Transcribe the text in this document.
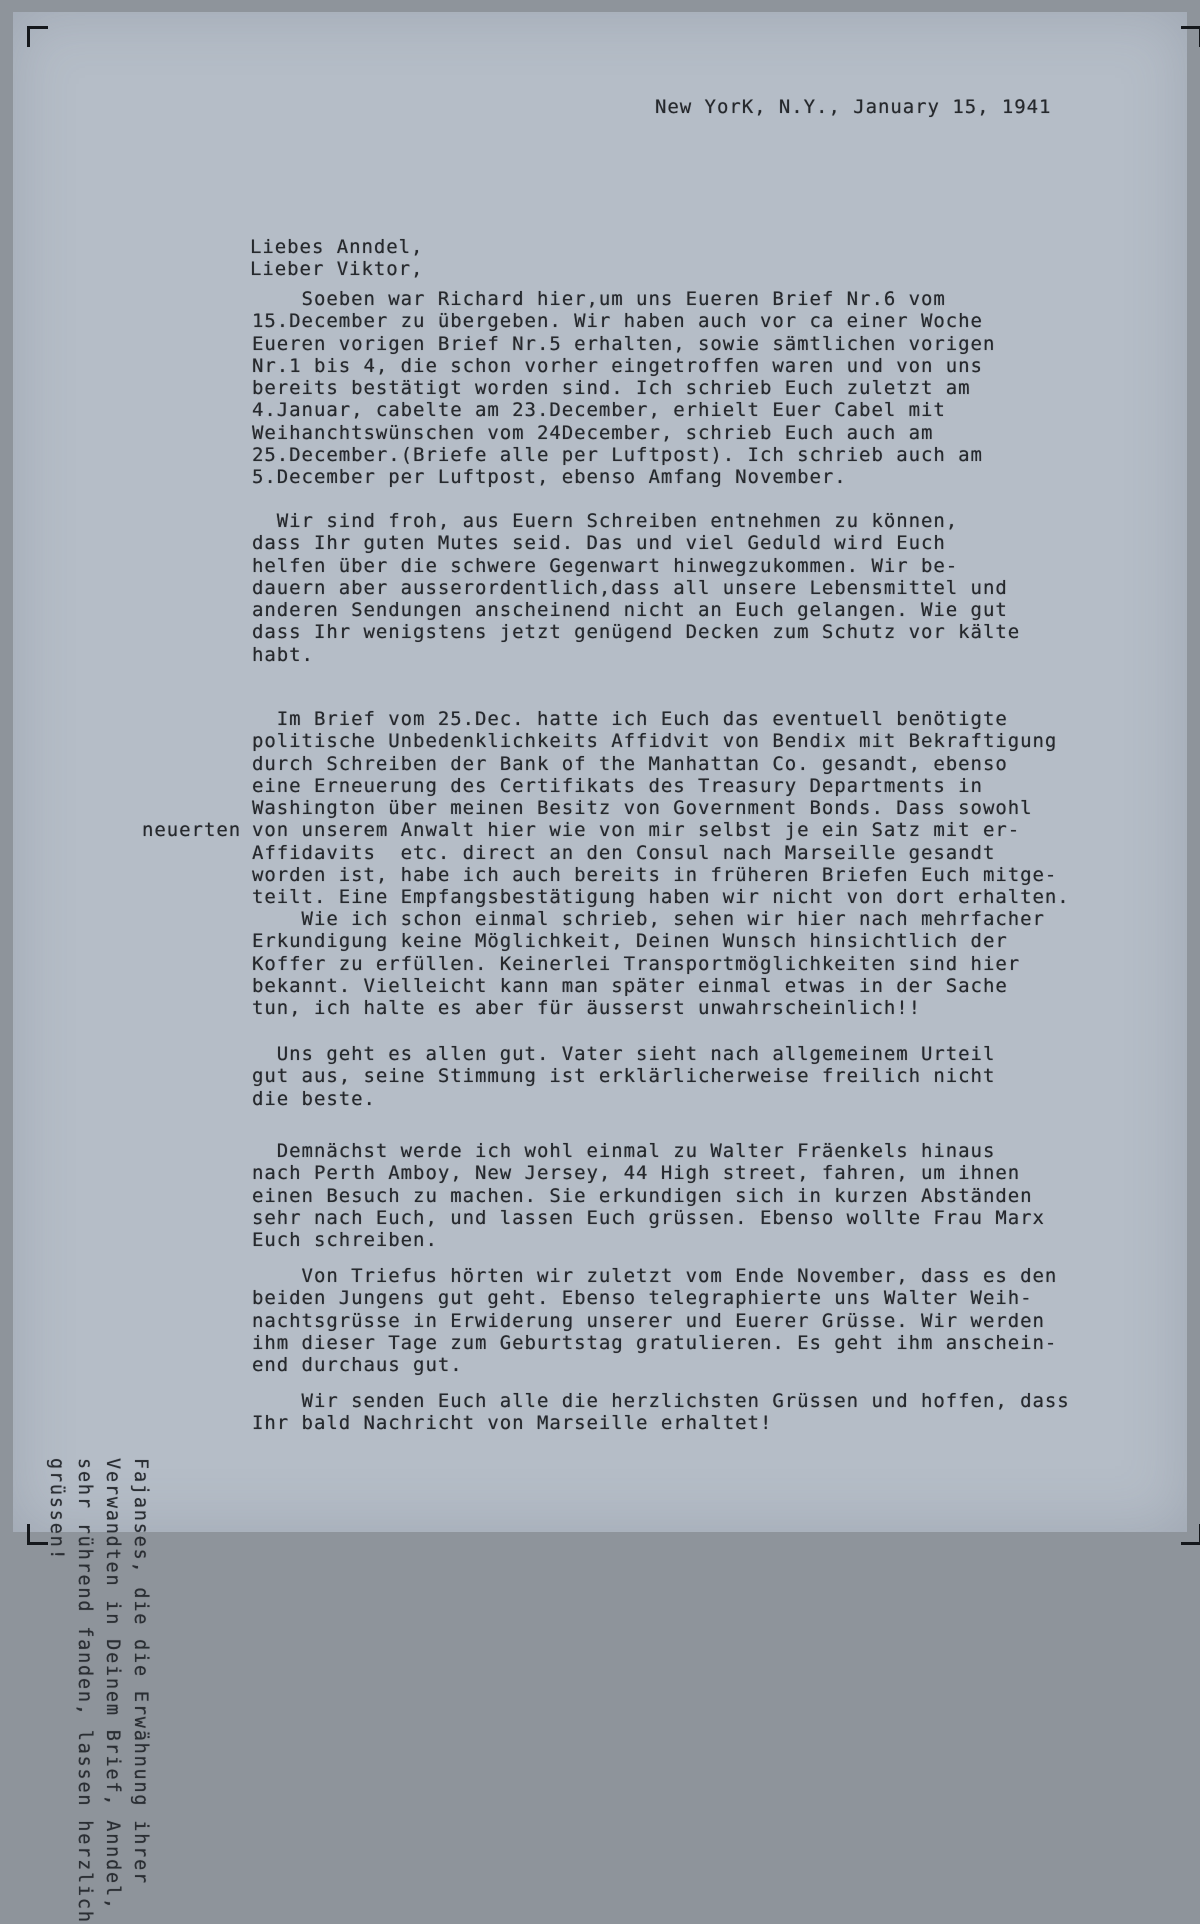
New YorK, N.Y., January 15, 1941
Liebes Anndel,
Lieber Viktor,
Soeben war Richard hier,um uns Eueren Brief Nr.6 vom
15.December zu übergeben. Wir haben auch vor ca einer Woche
Eueren vorigen Brief Nr.5 erhalten, sowie sämtlichen vorigen
Nr.1 bis 4, die schon vorher eingetroffen waren und von uns
bereits bestätigt worden sind. Ich schrieb Euch zuletzt am
4.Januar, cabelte am 23.December, erhielt Euer Cabel mit
Weihanchtswünschen vom 24December, schrieb Euch auch am
25.December.(Briefe alle per Luftpost). Ich schrieb auch am
5.December per Luftpost, ebenso Amfang November.
Wir sind froh, aus Euern Schreiben entnehmen zu können,
dass Ihr guten Mutes seid. Das und viel Geduld wird Euch
helfen über die schwere Gegenwart hinwegzukommen. Wir be-
dauern aber ausserordentlich,dass all unsere Lebensmittel und
anderen Sendungen anscheinend nicht an Euch gelangen. Wie gut
dass Ihr wenigstens jetzt genügend Decken zum Schutz vor kälte
habt.
Im Brief vom 25.Dec. hatte ich Euch das eventuell benötigte
politische Unbedenklichkeits Affidvit von Bendix mit Bekraftigung
durch Schreiben der Bank of the Manhattan Co. gesandt, ebenso
eine Erneuerung des Certifikats des Treasury Departments in
Washington über meinen Besitz von Government Bonds. Dass sowohl
von unserem Anwalt hier wie von mir selbst je ein Satz mit er-
Affidavits  etc. direct an den Consul nach Marseille gesandt
worden ist, habe ich auch bereits in früheren Briefen Euch mitge-
teilt. Eine Empfangsbestätigung haben wir nicht von dort erhalten.
neuerten
Wie ich schon einmal schrieb, sehen wir hier nach mehrfacher
Erkundigung keine Möglichkeit, Deinen Wunsch hinsichtlich der
Koffer zu erfüllen. Keinerlei Transportmöglichkeiten sind hier
bekannt. Vielleicht kann man später einmal etwas in der Sache
tun, ich halte es aber für äusserst unwahrscheinlich!!
Uns geht es allen gut. Vater sieht nach allgemeinem Urteil
gut aus, seine Stimmung ist erklärlicherweise freilich nicht
die beste.
Demnächst werde ich wohl einmal zu Walter Fräenkels hinaus
nach Perth Amboy, New Jersey, 44 High street, fahren, um ihnen
einen Besuch zu machen. Sie erkundigen sich in kurzen Abständen
sehr nach Euch, und lassen Euch grüssen. Ebenso wollte Frau Marx
Euch schreiben.
Von Triefus hörten wir zuletzt vom Ende November, dass es den
beiden Jungens gut geht. Ebenso telegraphierte uns Walter Weih-
nachtsgrüsse in Erwiderung unserer und Euerer Grüsse. Wir werden
ihm dieser Tage zum Geburtstag gratulieren. Es geht ihm anschein-
end durchaus gut.
Wir senden Euch alle die herzlichsten Grüssen und hoffen, dass
Ihr bald Nachricht von Marseille erhaltet!
Fajanses, die die Erwähnung ihrer
Verwandten in Deinem Brief, Anndel,
sehr rührend fanden, lassen herzlich
grüssen!
